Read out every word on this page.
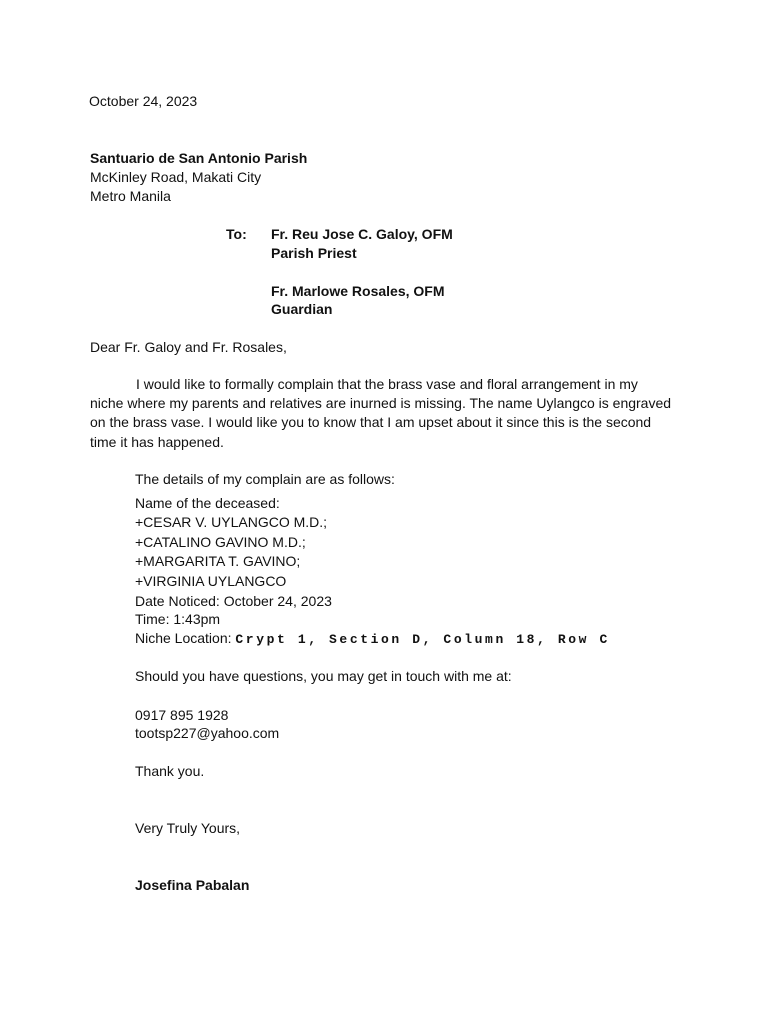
October 24, 2023
Santuario de San Antonio Parish
McKinley Road, Makati City
Metro Manila
To: Fr. Reu Jose C. Galoy, OFM
Parish Priest
Fr. Marlowe Rosales, OFM
Guardian
Dear Fr. Galoy and Fr. Rosales,
I would like to formally complain that the brass vase and floral arrangement in my
niche where my parents and relatives are inurned is missing. The name Uylangco is engraved
on the brass vase. I would like you to know that I am upset about it since this is the second
time it has happened.
The details of my complain are as follows:
Name of the deceased:
+CESAR V. UYLANGCO M.D.;
+CATALINO GAVINO M.D.;
+MARGARITA T. GAVINO;
+VIRGINIA UYLANGCO
Date Noticed: October 24, 2023
Time: 1:43pm
Niche Location: Crypt 1, Section D, Column 18, Row C
Should you have questions, you may get in touch with me at:
0917 895 1928
tootsp227@yahoo.com
Thank you.
Very Truly Yours,
Josefina Pabalan
